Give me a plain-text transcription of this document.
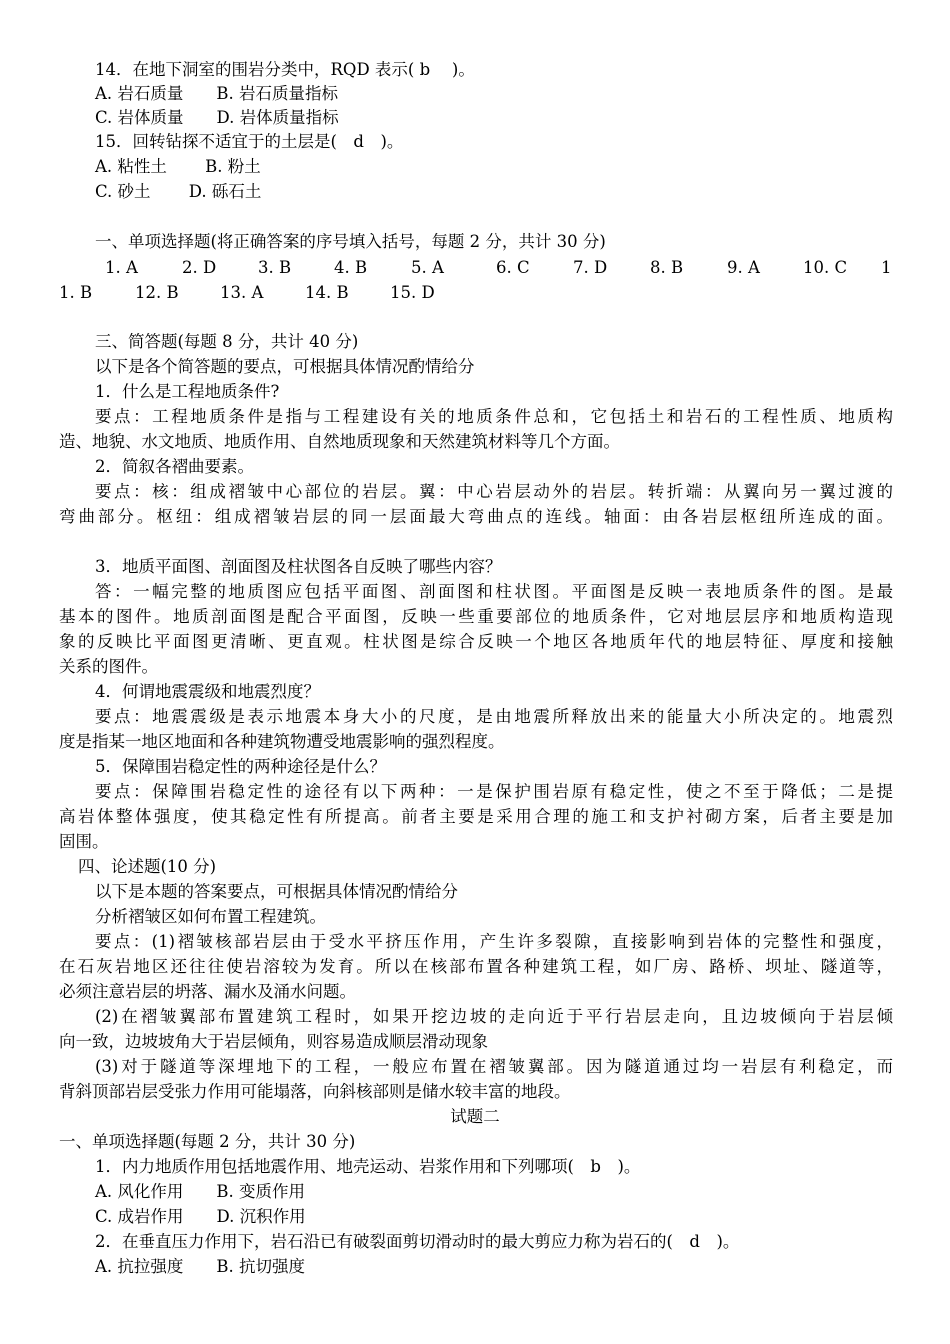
14．在地下洞室的围岩分类中，RQD 表示( b　 )。
A. 岩石质量　　B. 岩石质量指标
C. 岩体质量　　D. 岩体质量指标
15．回转钻探不适宜于的土层是(　d　)。
A. 粘性土　　 B. 粉土
C. 砂土　　 D. 砾石土
一、单项选择题(将正确答案的序号填入括号，每题 2 分，共计 30 分)
1. A	2. D	3. B	4. B	5. A	6. C	7. D	8. B	9. A	10. C 1
1. B	12. B	13. A	14. B	15. D
三、简答题(每题 8 分，共计 40 分)
以下是各个简答题的要点，可根据具体情况酌情给分
1．什么是工程地质条件?
要点：工程地质条件是指与工程建设有关的地质条件总和，它包括土和岩石的工程性质、地质构
造、地貌、水文地质、地质作用、自然地质现象和天然建筑材料等几个方面。
2．简叙各褶曲要素。
要点：核：组成褶皱中心部位的岩层。翼：中心岩层动外的岩层。转折端：从翼向另一翼过渡的
弯曲部分。枢纽：组成褶皱岩层的同一层面最大弯曲点的连线。轴面：由各岩层枢纽所连成的面。
3．地质平面图、剖面图及柱状图各自反映了哪些内容？
答：一幅完整的地质图应包括平面图、剖面图和柱状图。平面图是反映一表地质条件的图。是最
基本的图件。地质剖面图是配合平面图，反映一些重要部位的地质条件，它对地层层序和地质构造现
象的反映比平面图更清晰、更直观。柱状图是综合反映一个地区各地质年代的地层特征、厚度和接触
关系的图件。
4．何谓地震震级和地震烈度？
要点：地震震级是表示地震本身大小的尺度，是由地震所释放出来的能量大小所决定的。地震烈
度是指某一地区地面和各种建筑物遭受地震影响的强烈程度。
5．保障围岩稳定性的两种途径是什么？
要点：保障围岩稳定性的途径有以下两种：一是保护围岩原有稳定性，使之不至于降低；二是提
高岩体整体强度，使其稳定性有所提高。前者主要是采用合理的施工和支护衬砌方案，后者主要是加
固围。
四、论述题(10 分)
以下是本题的答案要点，可根据具体情况酌情给分
分析褶皱区如何布置工程建筑。
要点：(1)褶皱核部岩层由于受水平挤压作用，产生许多裂隙，直接影响到岩体的完整性和强度，
在石灰岩地区还往往使岩溶较为发育。所以在核部布置各种建筑工程，如厂房、路桥、坝址、隧道等，
必须注意岩层的坍落、漏水及涌水问题。
(2)在褶皱翼部布置建筑工程时，如果开挖边坡的走向近于平行岩层走向，且边坡倾向于岩层倾
向一致，边坡坡角大于岩层倾角，则容易造成顺层滑动现象
(3)对于隧道等深埋地下的工程，一般应布置在褶皱翼部。因为隧道通过均一岩层有利稳定，而
背斜顶部岩层受张力作用可能塌落，向斜核部则是储水较丰富的地段。
试题二
一、单项选择题(每题 2 分，共计 30 分)
1．内力地质作用包括地震作用、地壳运动、岩浆作用和下列哪项(　b　)。
A. 风化作用　　B. 变质作用
C. 成岩作用　　D. 沉积作用
2．在垂直压力作用下，岩石沿已有破裂面剪切滑动时的最大剪应力称为岩石的(　d　)。
A. 抗拉强度　　B. 抗切强度
